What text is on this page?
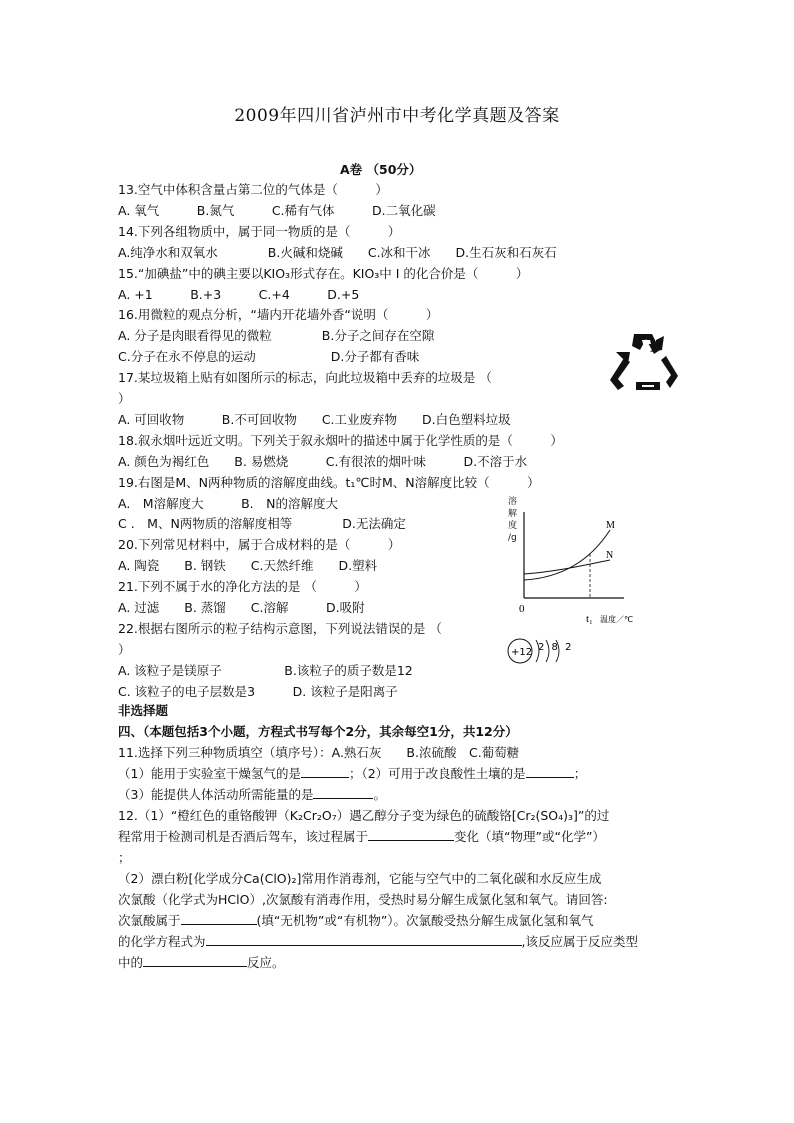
2009年四川省泸州市中考化学真题及答案
A卷 （50分）
13.空气中体积含量占第二位的气体是（　　　）
A. 氧气　　　B.氮气　　　C.稀有气体　　　D.二氧化碳
14.下列各组物质中，属于同一物质的是（　　　）
A.纯净水和双氧水　　　　B.火碱和烧碱　　C.冰和干冰　　D.生石灰和石灰石
15.“加碘盐”中的碘主要以KIO₃形式存在。KIO₃中 I 的化合价是（　　　）
A. +1　　　B.+3　　　C.+4　　　D.+5
16.用微粒的观点分析，“墙内开花墙外香“说明（　　　）
A. 分子是肉眼看得见的微粒　　　　B.分子之间存在空隙
C.分子在永不停息的运动　　　　　　D.分子都有香味
17.某垃圾箱上贴有如图所示的标志，向此垃圾箱中丢弃的垃圾是 （
）
A. 可回收物　　　B.不可回收物　　C.工业废弃物　　D.白色塑料垃圾
18.叙永烟叶远近文明。下列关于叙永烟叶的描述中属于化学性质的是（　　　）
A. 颜色为褐红色　　B. 易燃烧　　　C.有很浓的烟叶味　　　D.不溶于水
19.右图是M、N两种物质的溶解度曲线。t₁℃时M、N溶解度比较（　　　）
A.　M溶解度大　　　B.　N的溶解度大
C .　M、N两物质的溶解度相等　　　　D.无法确定
20.下列常见材料中，属于合成材料的是（　　　）
A. 陶瓷　　B. 钢铁　　C.天然纤维　　D.塑料
21.下列不属于水的净化方法的是 （　　　）
A. 过滤　　B. 蒸馏　　C.溶解　　　D.吸附
22.根据右图所示的粒子结构示意图，下列说法错误的是 （
）
A. 该粒子是镁原子　　　　　B.该粒子的质子数是12
C. 该粒子的电子层数是3　　　D. 该粒子是阳离子
非选择题
四、（本题包括3个小题，方程式书写每个2分，其余每空1分，共12分）
11.选择下列三种物质填空（填序号）：A.熟石灰　　B.浓硫酸　C.葡萄糖
（1）能用于实验室干燥氢气的是	；（2）可用于改良酸性土壤的是	；
（3）能提供人体活动所需能量的是	。
12.（1）“橙红色的重铬酸钾（K₂Cr₂O₇）遇乙醇分子变为绿色的硫酸铬[Cr₂(SO₄)₃]”的过
程常用于检测司机是否酒后驾车，该过程属于	变化（填“物理”或“化学”）
；
（2）漂白粉[化学成分Ca(ClO)₂]常用作消毒剂，它能与空气中的二氧化碳和水反应生成
次氯酸（化学式为HClO）,次氯酸有消毒作用，受热时易分解生成氯化氢和氧气。请回答:
次氯酸属于	(填“无机物”或“有机物”）。次氯酸受热分解生成氯化氢和氧气
的化学方程式为	,该反应属于反应类型
中的	反应。
溶
解
度
/g
M
N
0
t₁ 温度／℃
+12 2 8 2
